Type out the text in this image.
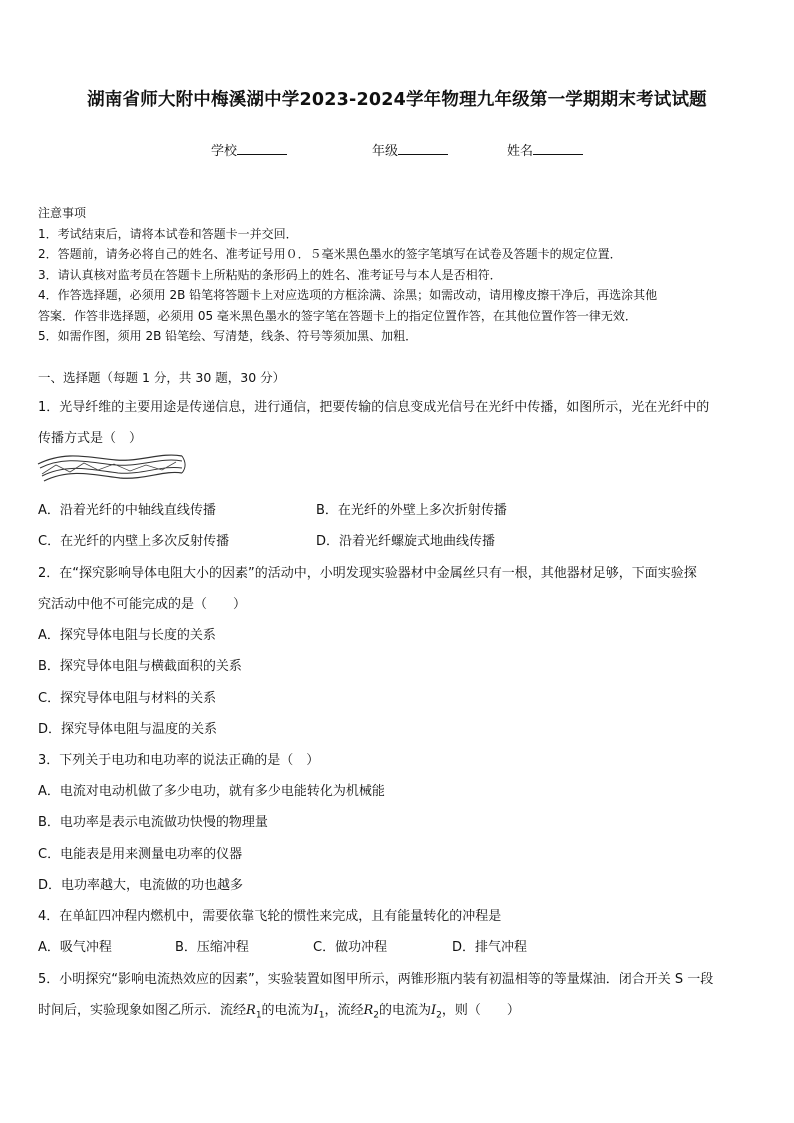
湖南省师大附中梅溪湖中学2023-2024学年物理九年级第一学期期末考试试题
学校	年级	姓名
注意事项
1．考试结束后，请将本试卷和答题卡一并交回．
2．答题前，请务必将自己的姓名、准考证号用０．５毫米黑色墨水的签字笔填写在试卷及答题卡的规定位置．
3．请认真核对监考员在答题卡上所粘贴的条形码上的姓名、准考证号与本人是否相符．
4．作答选择题，必须用 2B 铅笔将答题卡上对应选项的方框涂满、涂黑；如需改动，请用橡皮擦干净后，再选涂其他
答案．作答非选择题，必须用 05 毫米黑色墨水的签字笔在答题卡上的指定位置作答，在其他位置作答一律无效．
5．如需作图，须用 2B 铅笔绘、写清楚，线条、符号等须加黑、加粗．
一、选择题（每题 1 分，共 30 题，30 分）
1．光导纤维的主要用途是传递信息，进行通信，把要传输的信息变成光信号在光纤中传播，如图所示，光在光纤中的
传播方式是（　）
A．沿着光纤的中轴线直线传播	B．在光纤的外壁上多次折射传播
C．在光纤的内壁上多次反射传播	D．沿着光纤螺旋式地曲线传播
2．在“探究影响导体电阻大小的因素”的活动中，小明发现实验器材中金属丝只有一根，其他器材足够，下面实验探
究活动中他不可能完成的是（　　）
A．探究导体电阻与长度的关系
B．探究导体电阻与横截面积的关系
C．探究导体电阻与材料的关系
D．探究导体电阻与温度的关系
3．下列关于电功和电功率的说法正确的是（　）
A．电流对电动机做了多少电功，就有多少电能转化为机械能
B．电功率是表示电流做功快慢的物理量
C．电能表是用来测量电功率的仪器
D．电功率越大，电流做的功也越多
4．在单缸四冲程内燃机中，需要依靠飞轮的惯性来完成，且有能量转化的冲程是
A．吸气冲程	B．压缩冲程	C．做功冲程	D．排气冲程
5．小明探究“影响电流热效应的因素”，实验装置如图甲所示，两锥形瓶内装有初温相等的等量煤油．闭合开关 S 一段
时间后，实验现象如图乙所示．流经$R_1$的电流为$I_1$，流经$R_2$的电流为$I_2$，则（　　）
